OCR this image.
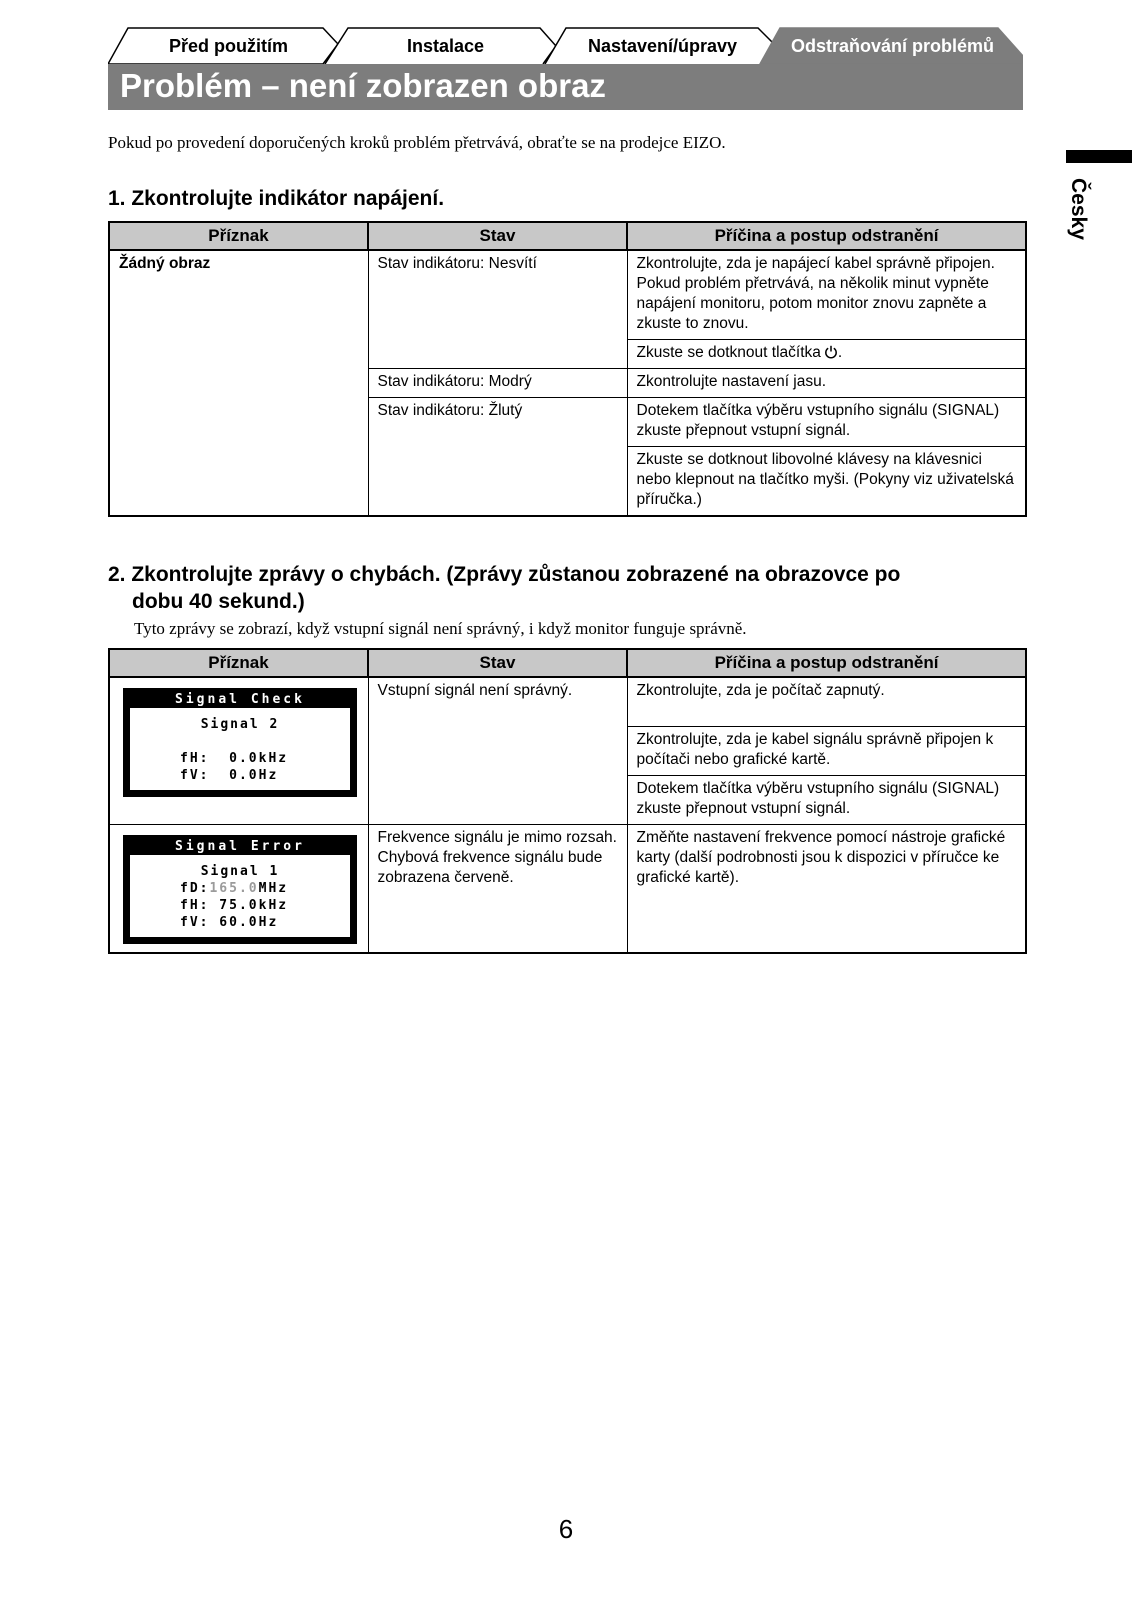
Před použitím	Instalace	Nastavení/úpravy	Odstraňování problémů
Problém – není zobrazen obraz
Česky
Pokud po provedení doporučených kroků problém přetrvává, obraťte se na prodejce EIZO.
1. Zkontrolujte indikátor napájení.
Příznak	Stav	Příčina a postup odstranění
Žádný obraz	Stav indikátoru: Nesvítí	Zkontrolujte, zda je napájecí kabel správně připojen. Pokud problém přetrvává, na několik minut vypněte napájení monitoru, potom monitor znovu zapněte a zkuste to znovu.
		Zkuste se dotknout tlačítka .
	Stav indikátoru: Modrý	Zkontrolujte nastavení jasu.
	Stav indikátoru: Žlutý	Dotekem tlačítka výběru vstupního signálu (SIGNAL) zkuste přepnout vstupní signál.
		Zkuste se dotknout libovolné klávesy na klávesnici nebo klepnout na tlačítko myši. (Pokyny viz uživatelská příručka.)
2. Zkontrolujte zprávy o chybách. (Zprávy zůstanou zobrazené na obrazovce po
dobu 40 sekund.)
Tyto zprávy se zobrazí, když vstupní signál není správný, i když monitor funguje správně.
Příznak	Stav	Příčina a postup odstranění

Signal Check
Signal 2
fH:  0.0kHz
fV:  0.0Hz	Vstupní signál není správný.	Zkontrolujte, zda je počítač zapnutý.
		Zkontrolujte, zda je kabel signálu správně připojen k počítači nebo grafické kartě.
		Dotekem tlačítka výběru vstupního signálu (SIGNAL) zkuste přepnout vstupní signál.

Signal Error
Signal 1
fD:165.0MHz
fH: 75.0kHz
fV: 60.0Hz	Frekvence signálu je mimo rozsah. Chybová frekvence signálu bude zobrazena červeně.	Změňte nastavení frekvence pomocí nástroje grafické karty (další podrobnosti jsou k dispozici v příručce ke grafické kartě).
6
